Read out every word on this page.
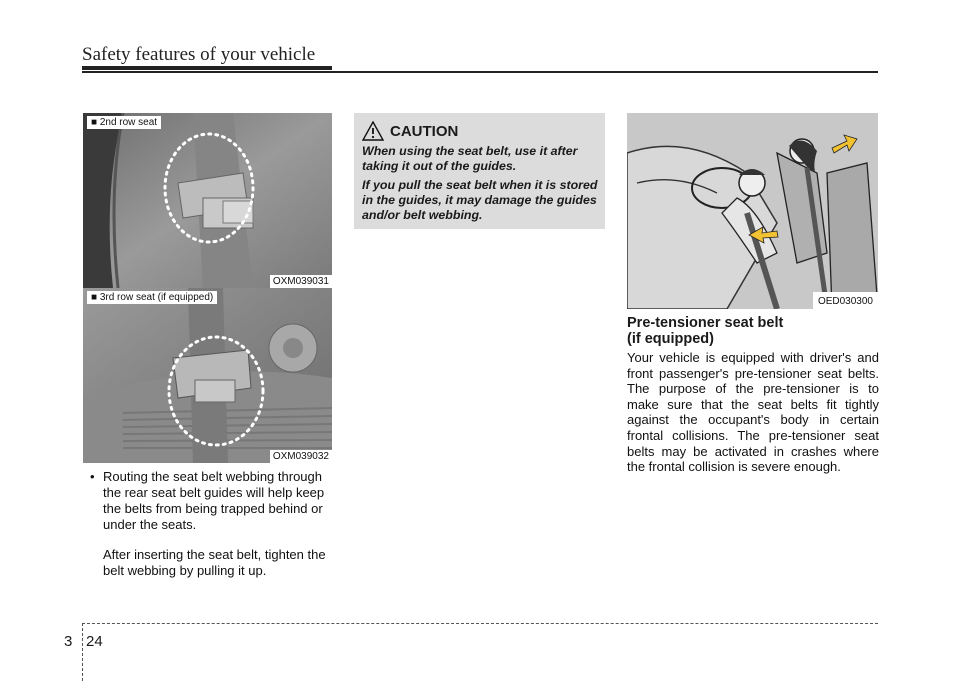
Safety features of your vehicle
■ 2nd row seat
OXM039031
■ 3rd row seat (if equipped)
OXM039032
• Routing the seat belt webbing through the rear seat belt guides will help keep the belts from being trapped behind or under the seats.

After inserting the seat belt, tighten the belt webbing by pulling it up.

CAUTION

When using the seat belt, use it after taking it out of the guides.

If you pull the seat belt when it is stored in the guides, it may damage the guides and/or belt webbing.

OED030300
Pre-tensioner seat belt
(if equipped)
Your vehicle is equipped with driver's and front passenger's pre-tensioner seat belts. The purpose of the pre-tensioner is to make sure that the seat belts fit tightly against the occupant's body in certain frontal collisions. The pre-tensioner seat belts may be activated in crashes where the frontal collision is severe enough.
3 24
